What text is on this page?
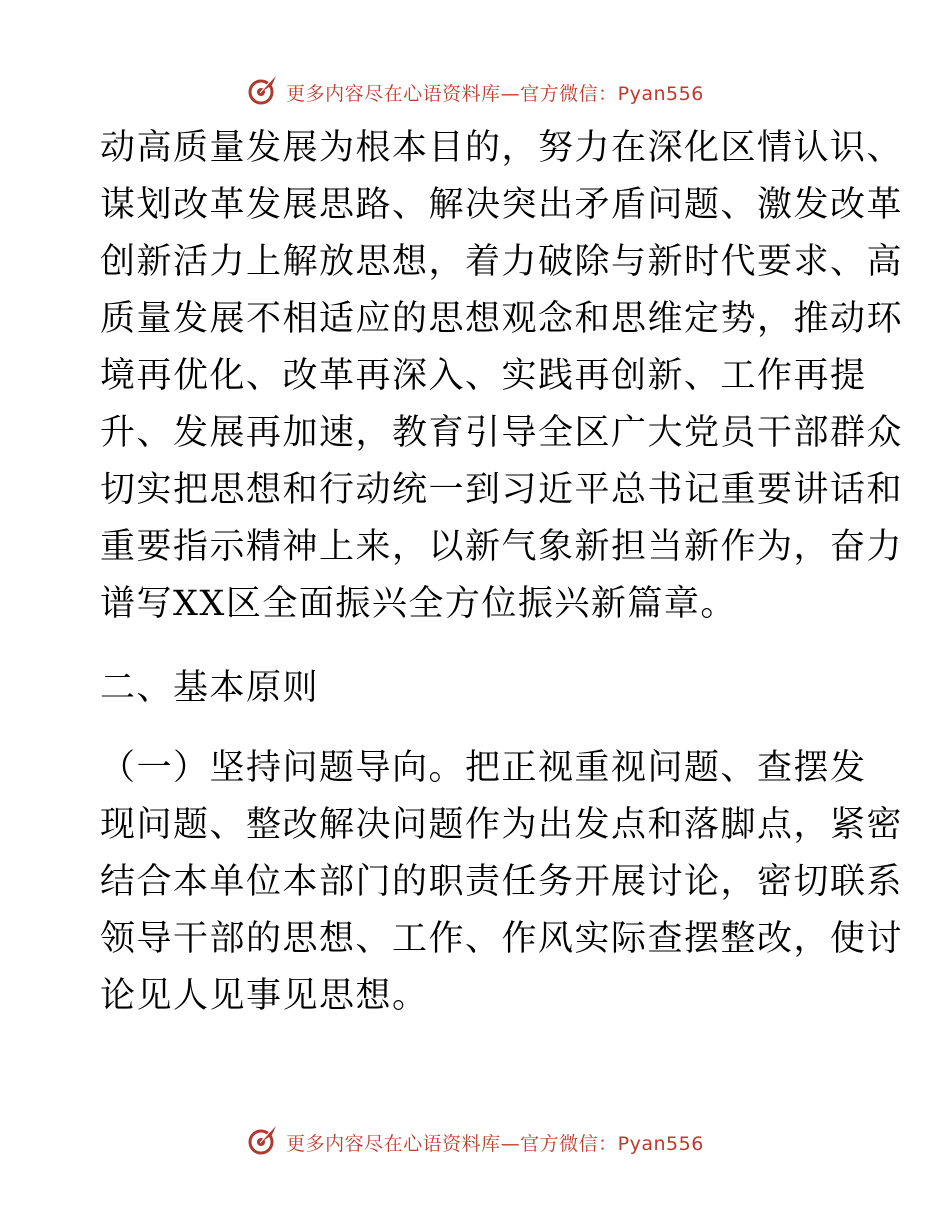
更多内容尽在心语资料库—官方微信：Pyan556
动高质量发展为根本目的，努力在深化区情认识、
谋划改革发展思路、解决突出矛盾问题、激发改革
创新活力上解放思想，着力破除与新时代要求、高
质量发展不相适应的思想观念和思维定势，推动环
境再优化、改革再深入、实践再创新、工作再提
升、发展再加速，教育引导全区广大党员干部群众
切实把思想和行动统一到习近平总书记重要讲话和
重要指示精神上来，以新气象新担当新作为，奋力
谱写XX区全面振兴全方位振兴新篇章。
二、基本原则
（一）坚持问题导向。把正视重视问题、查摆发
现问题、整改解决问题作为出发点和落脚点，紧密
结合本单位本部门的职责任务开展讨论，密切联系
领导干部的思想、工作、作风实际查摆整改，使讨
论见人见事见思想。
更多内容尽在心语资料库—官方微信：Pyan556
